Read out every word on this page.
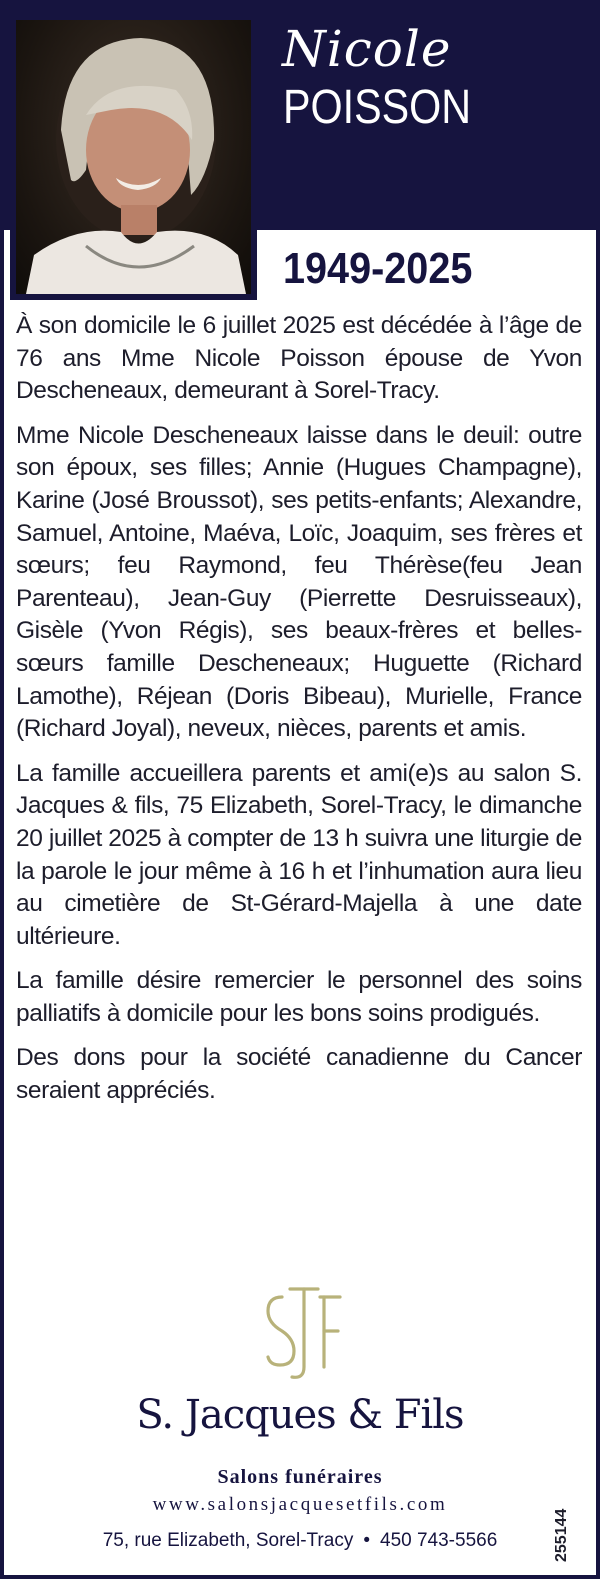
Nicole
POISSON
1949-2025

À son domicile le 6 juillet 2025 est décédée à l’âge de 76 ans Mme Nicole Poisson épouse de Yvon Descheneaux, demeurant à Sorel-Tracy.

Mme Nicole Descheneaux laisse dans le deuil: outre son époux, ses filles; Annie (Hugues Champagne), Karine (José Broussot), ses petits-enfants; Alexandre, Samuel, Antoine, Maéva, Loïc, Joaquim, ses frères et sœurs; feu Raymond, feu Thérèse(feu Jean Parenteau), Jean-Guy (Pierrette Desruisseaux), Gisèle (Yvon Régis), ses beaux-frères et belles-sœurs famille Descheneaux; Huguette (Richard Lamothe), Réjean (Doris Bibeau), Murielle, France (Richard Joyal), neveux, nièces, parents et amis.

La famille accueillera parents et ami(e)s au salon S. Jacques & fils, 75 Elizabeth, Sorel-Tracy, le dimanche 20 juillet 2025 à compter de 13 h suivra une liturgie de la parole le jour même à 16 h et l’inhumation aura lieu au cimetière de St-Gérard-Majella à une date ultérieure.

La famille désire remercier le personnel des soins palliatifs à domicile pour les bons soins prodigués.

Des dons pour la société canadienne du Cancer seraient appréciés.

S. Jacques & Fils
Salons funéraires
www.salonsjacquesetfils.com
75, rue Elizabeth, Sorel-Tracy • 450 743-5566	255144
